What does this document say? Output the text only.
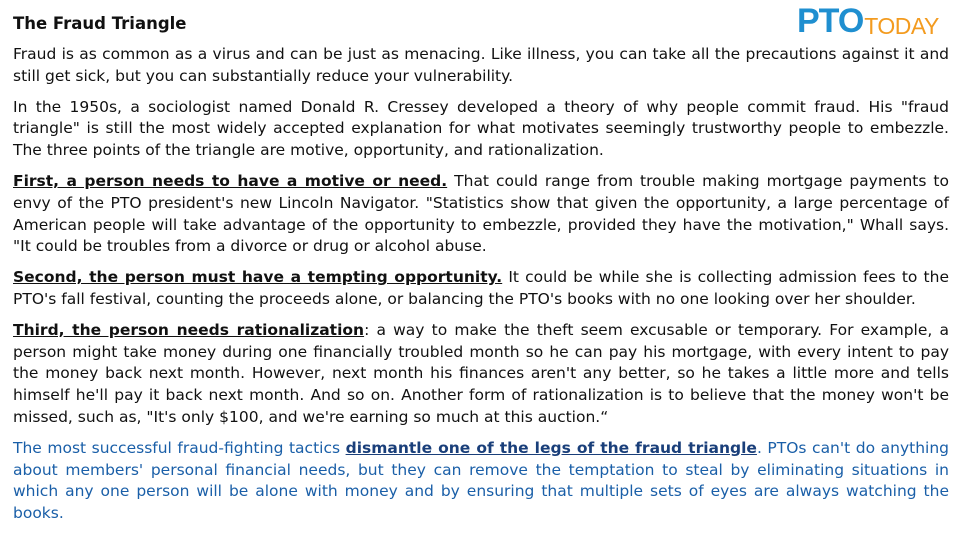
The Fraud Triangle	PTO TODAY

Fraud is as common as a virus and can be just as menacing. Like illness, you can take all the precautions against it and still get sick, but you can substantially reduce your vulnerability.

In the 1950s, a sociologist named Donald R. Cressey developed a theory of why people commit fraud. His "fraud triangle" is still the most widely accepted explanation for what motivates seemingly trustworthy people to embezzle. The three points of the triangle are motive, opportunity, and rationalization.

First, a person needs to have a motive or need. That could range from trouble making mortgage payments to envy of the PTO president's new Lincoln Navigator. "Statistics show that given the opportunity, a large percentage of American people will take advantage of the opportunity to embezzle, provided they have the motivation," Whall says. "It could be troubles from a divorce or drug or alcohol abuse.

Second, the person must have a tempting opportunity. It could be while she is collecting admission fees to the PTO's fall festival, counting the proceeds alone, or balancing the PTO's books with no one looking over her shoulder.

Third, the person needs rationalization: a way to make the theft seem excusable or temporary. For example, a person might take money during one financially troubled month so he can pay his mortgage, with every intent to pay the money back next month. However, next month his finances aren't any better, so he takes a little more and tells himself he'll pay it back next month. And so on. Another form of rationalization is to believe that the money won't be missed, such as, "It's only $100, and we're earning so much at this auction.“

The most successful fraud-fighting tactics dismantle one of the legs of the fraud triangle. PTOs can't do anything about members' personal financial needs, but they can remove the temptation to steal by eliminating situations in which any one person will be alone with money and by ensuring that multiple sets of eyes are always watching the books.
